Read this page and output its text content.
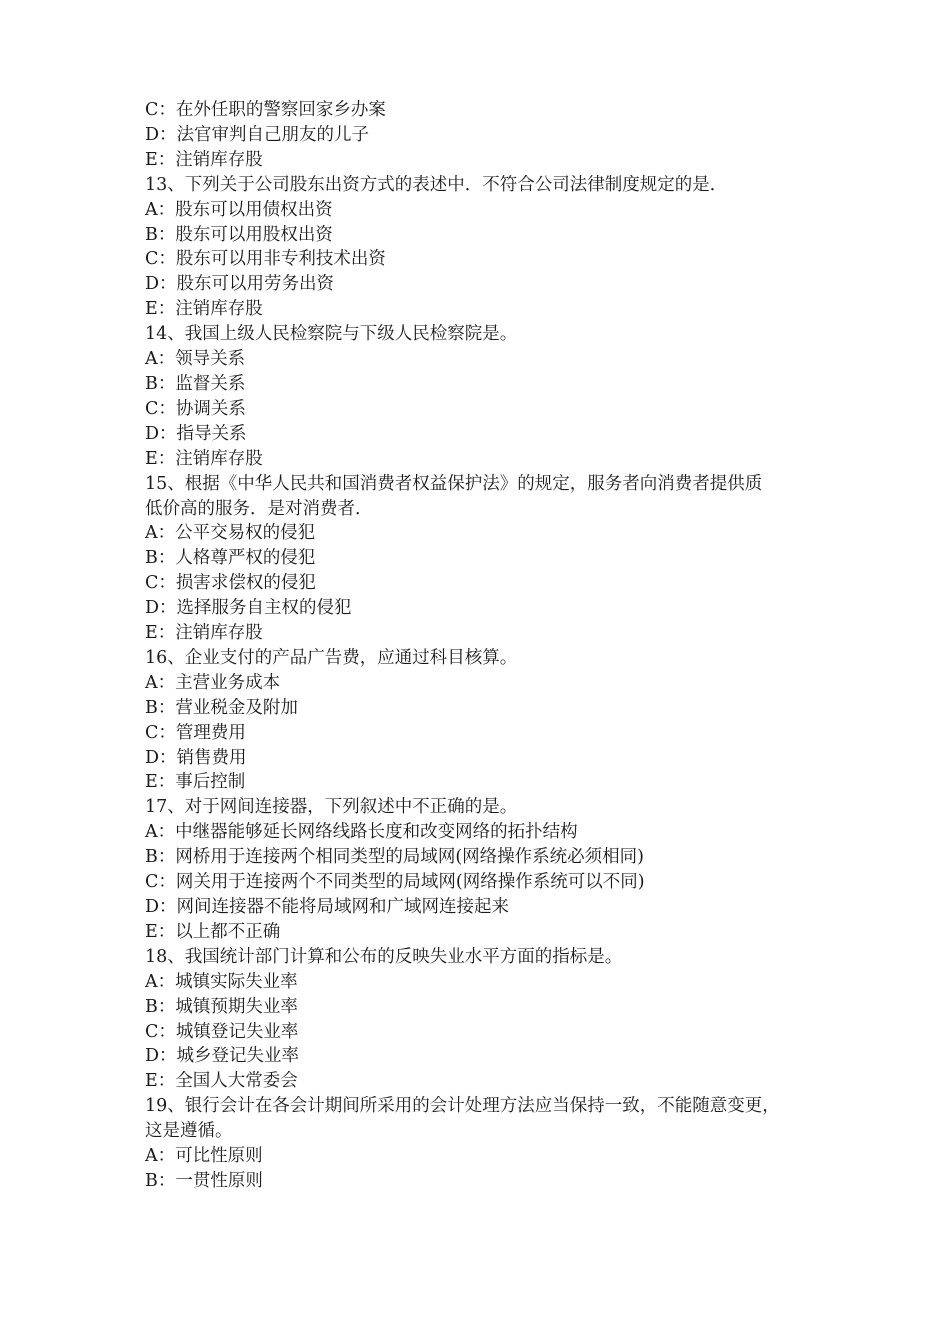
C：在外任职的警察回家乡办案
D：法官审判自己朋友的儿子
E：注销库存股
13、下列关于公司股东出资方式的表述中．不符合公司法律制度规定的是．
A：股东可以用债权出资
B：股东可以用股权出资
C：股东可以用非专利技术出资
D：股东可以用劳务出资
E：注销库存股
14、我国上级人民检察院与下级人民检察院是。
A：领导关系
B：监督关系
C：协调关系
D：指导关系
E：注销库存股
15、根据《中华人民共和国消费者权益保护法》的规定，服务者向消费者提供质
低价高的服务．是对消费者．
A：公平交易权的侵犯
B：人格尊严权的侵犯
C：损害求偿权的侵犯
D：选择服务自主权的侵犯
E：注销库存股
16、企业支付的产品广告费，应通过科目核算。
A：主营业务成本
B：营业税金及附加
C：管理费用
D：销售费用
E：事后控制
17、对于网间连接器，下列叙述中不正确的是。
A：中继器能够延长网络线路长度和改变网络的拓扑结构
B：网桥用于连接两个相同类型的局域网(网络操作系统必须相同)
C：网关用于连接两个不同类型的局域网(网络操作系统可以不同)
D：网间连接器不能将局域网和广域网连接起来
E：以上都不正确
18、我国统计部门计算和公布的反映失业水平方面的指标是。
A：城镇实际失业率
B：城镇预期失业率
C：城镇登记失业率
D：城乡登记失业率
E：全国人大常委会
19、银行会计在各会计期间所采用的会计处理方法应当保持一致，不能随意变更，
这是遵循。
A：可比性原则
B：一贯性原则
